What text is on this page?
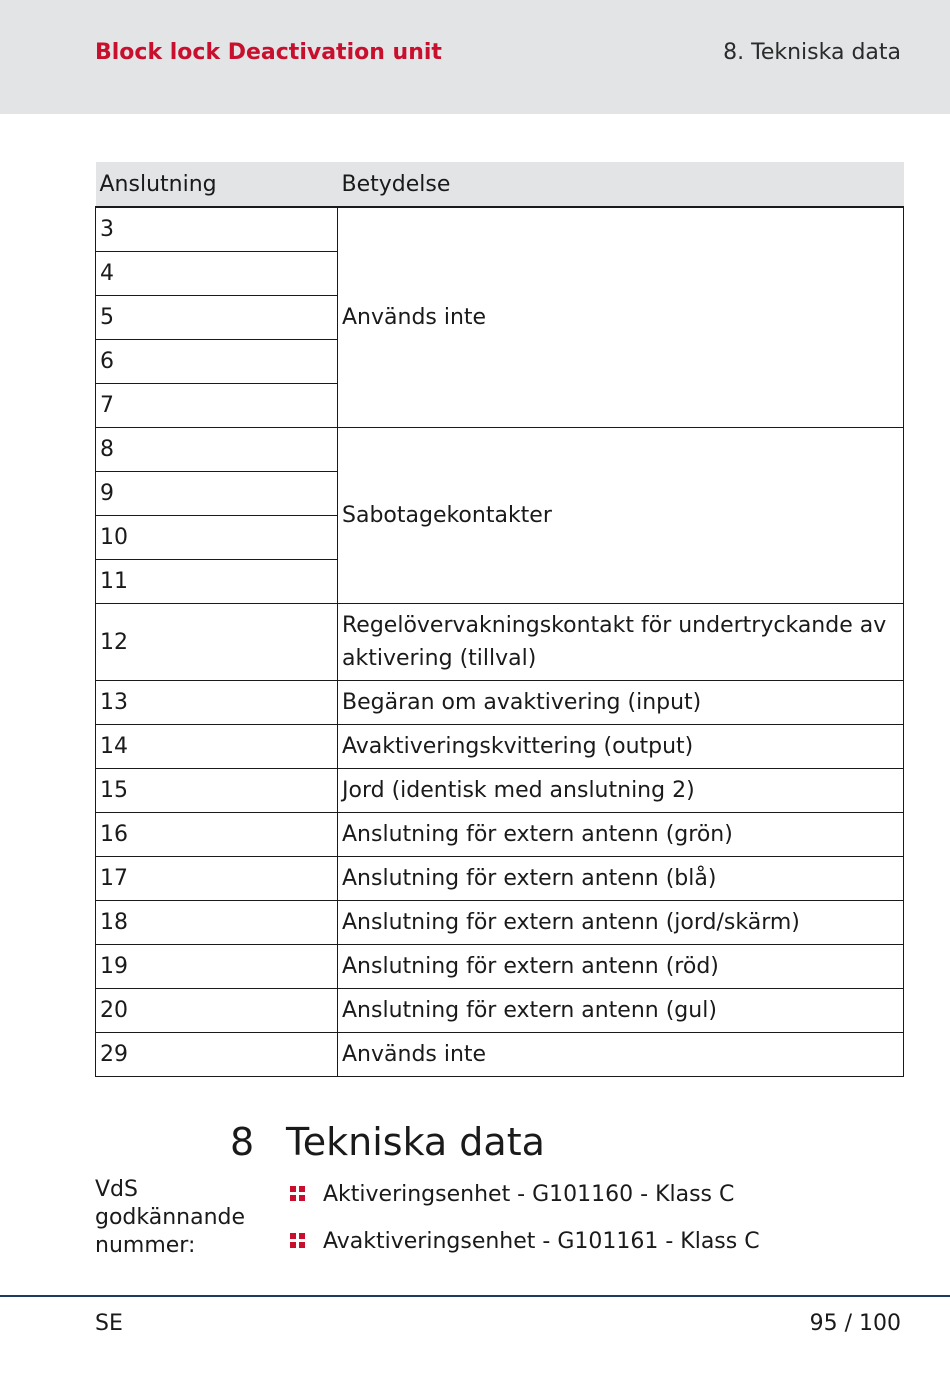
Block lock Deactivation unit	8. Tekniska data
Anslutning	Betydelse
3	Används inte
4	
5	
6	
7	
8	Sabotagekontakter
9	
10	
11	
12	Regelövervakningskontakt för undertryckande av aktivering (tillval)
13	Begäran om avaktivering (input)
14	Avaktiveringskvittering (output)
15	Jord (identisk med anslutning 2)
16	Anslutning för extern antenn (grön)
17	Anslutning för extern antenn (blå)
18	Anslutning för extern antenn (jord/skärm)
19	Anslutning för extern antenn (röd)
20	Anslutning för extern antenn (gul)
29	Används inte
8 Tekniska data
VdS godkännande nummer:
Aktiveringsenhet - G101160 - Klass C
Avaktiveringsenhet - G101161 - Klass C
SE	95 / 100
